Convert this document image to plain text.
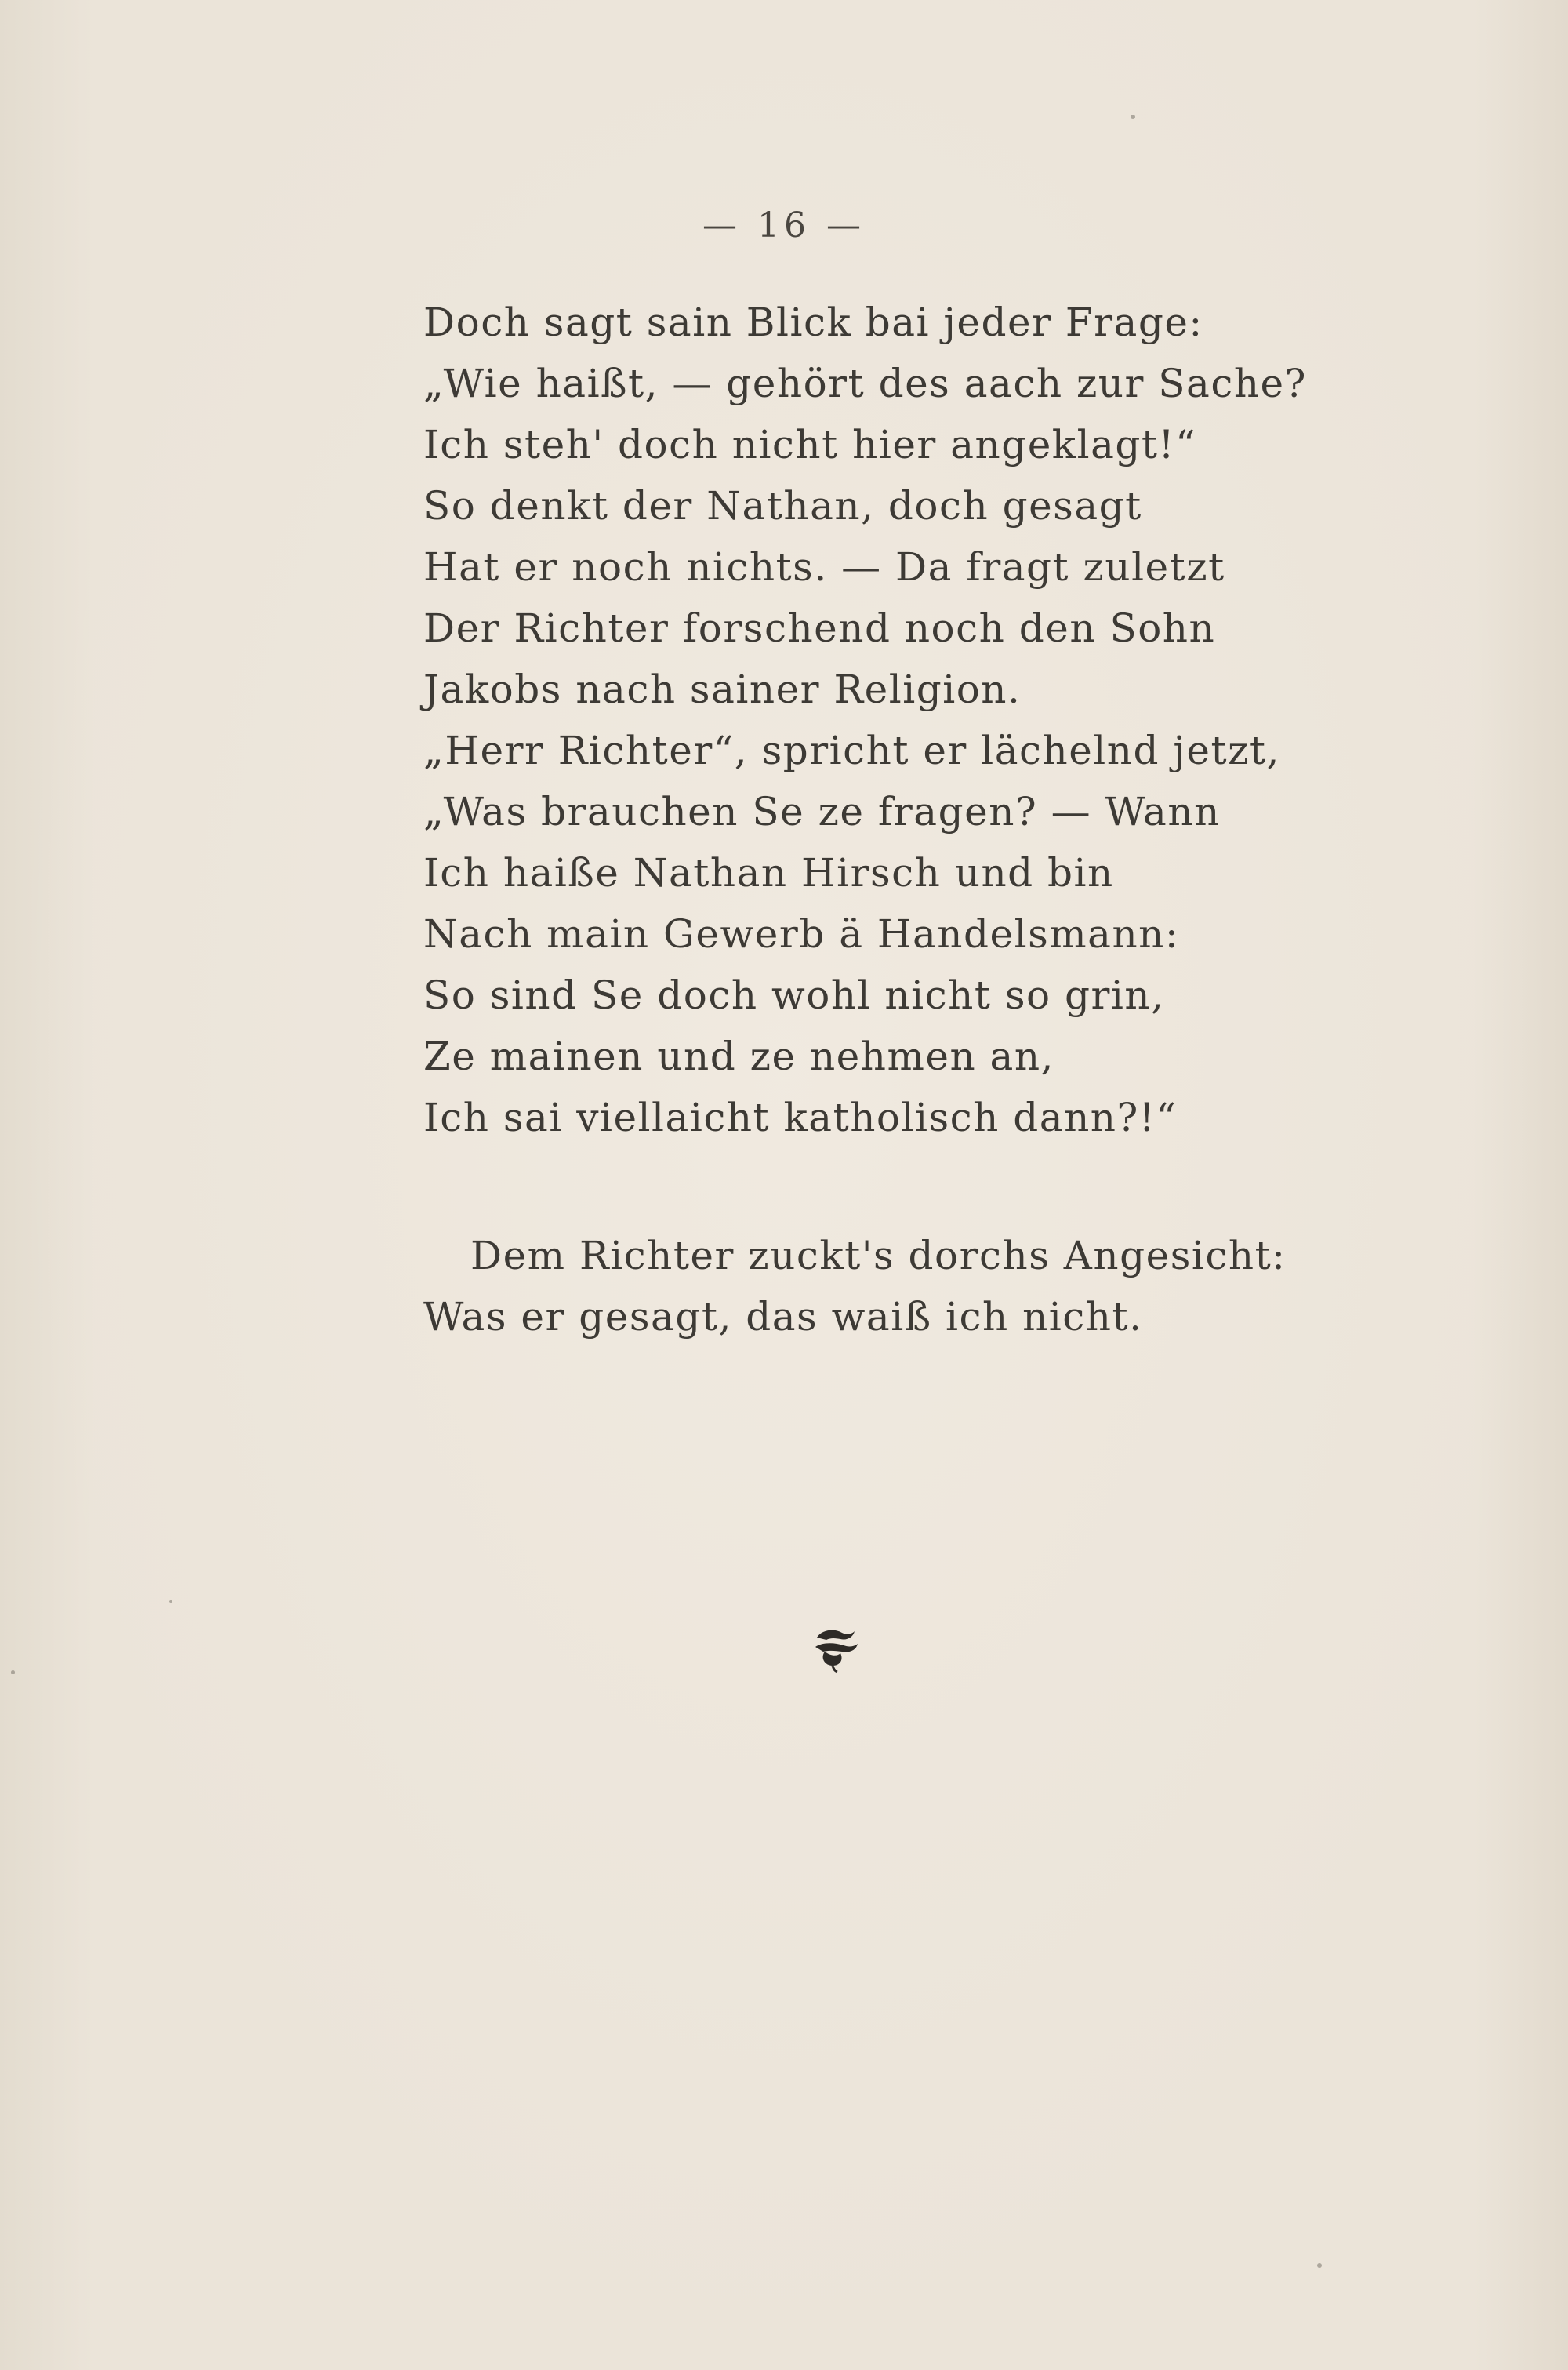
— 16 —
Doch sagt sain Blick bai jeder Frage:
„Wie haißt, — gehört des aach zur Sache?
Ich steh' doch nicht hier angeklagt!“
So denkt der Nathan, doch gesagt
Hat er noch nichts. — Da fragt zuletzt
Der Richter forschend noch den Sohn
Jakobs nach sainer Religion.
„Herr Richter“, spricht er lächelnd jetzt,
„Was brauchen Se ze fragen? — Wann
Ich haiße Nathan Hirsch und bin
Nach main Gewerb ä Handelsmann:
So sind Se doch wohl nicht so grin,
Ze mainen und ze nehmen an,
Ich sai viellaicht katholisch dann?!“
Dem Richter zuckt's dorchs Angesicht:
Was er gesagt, das waiß ich nicht.
